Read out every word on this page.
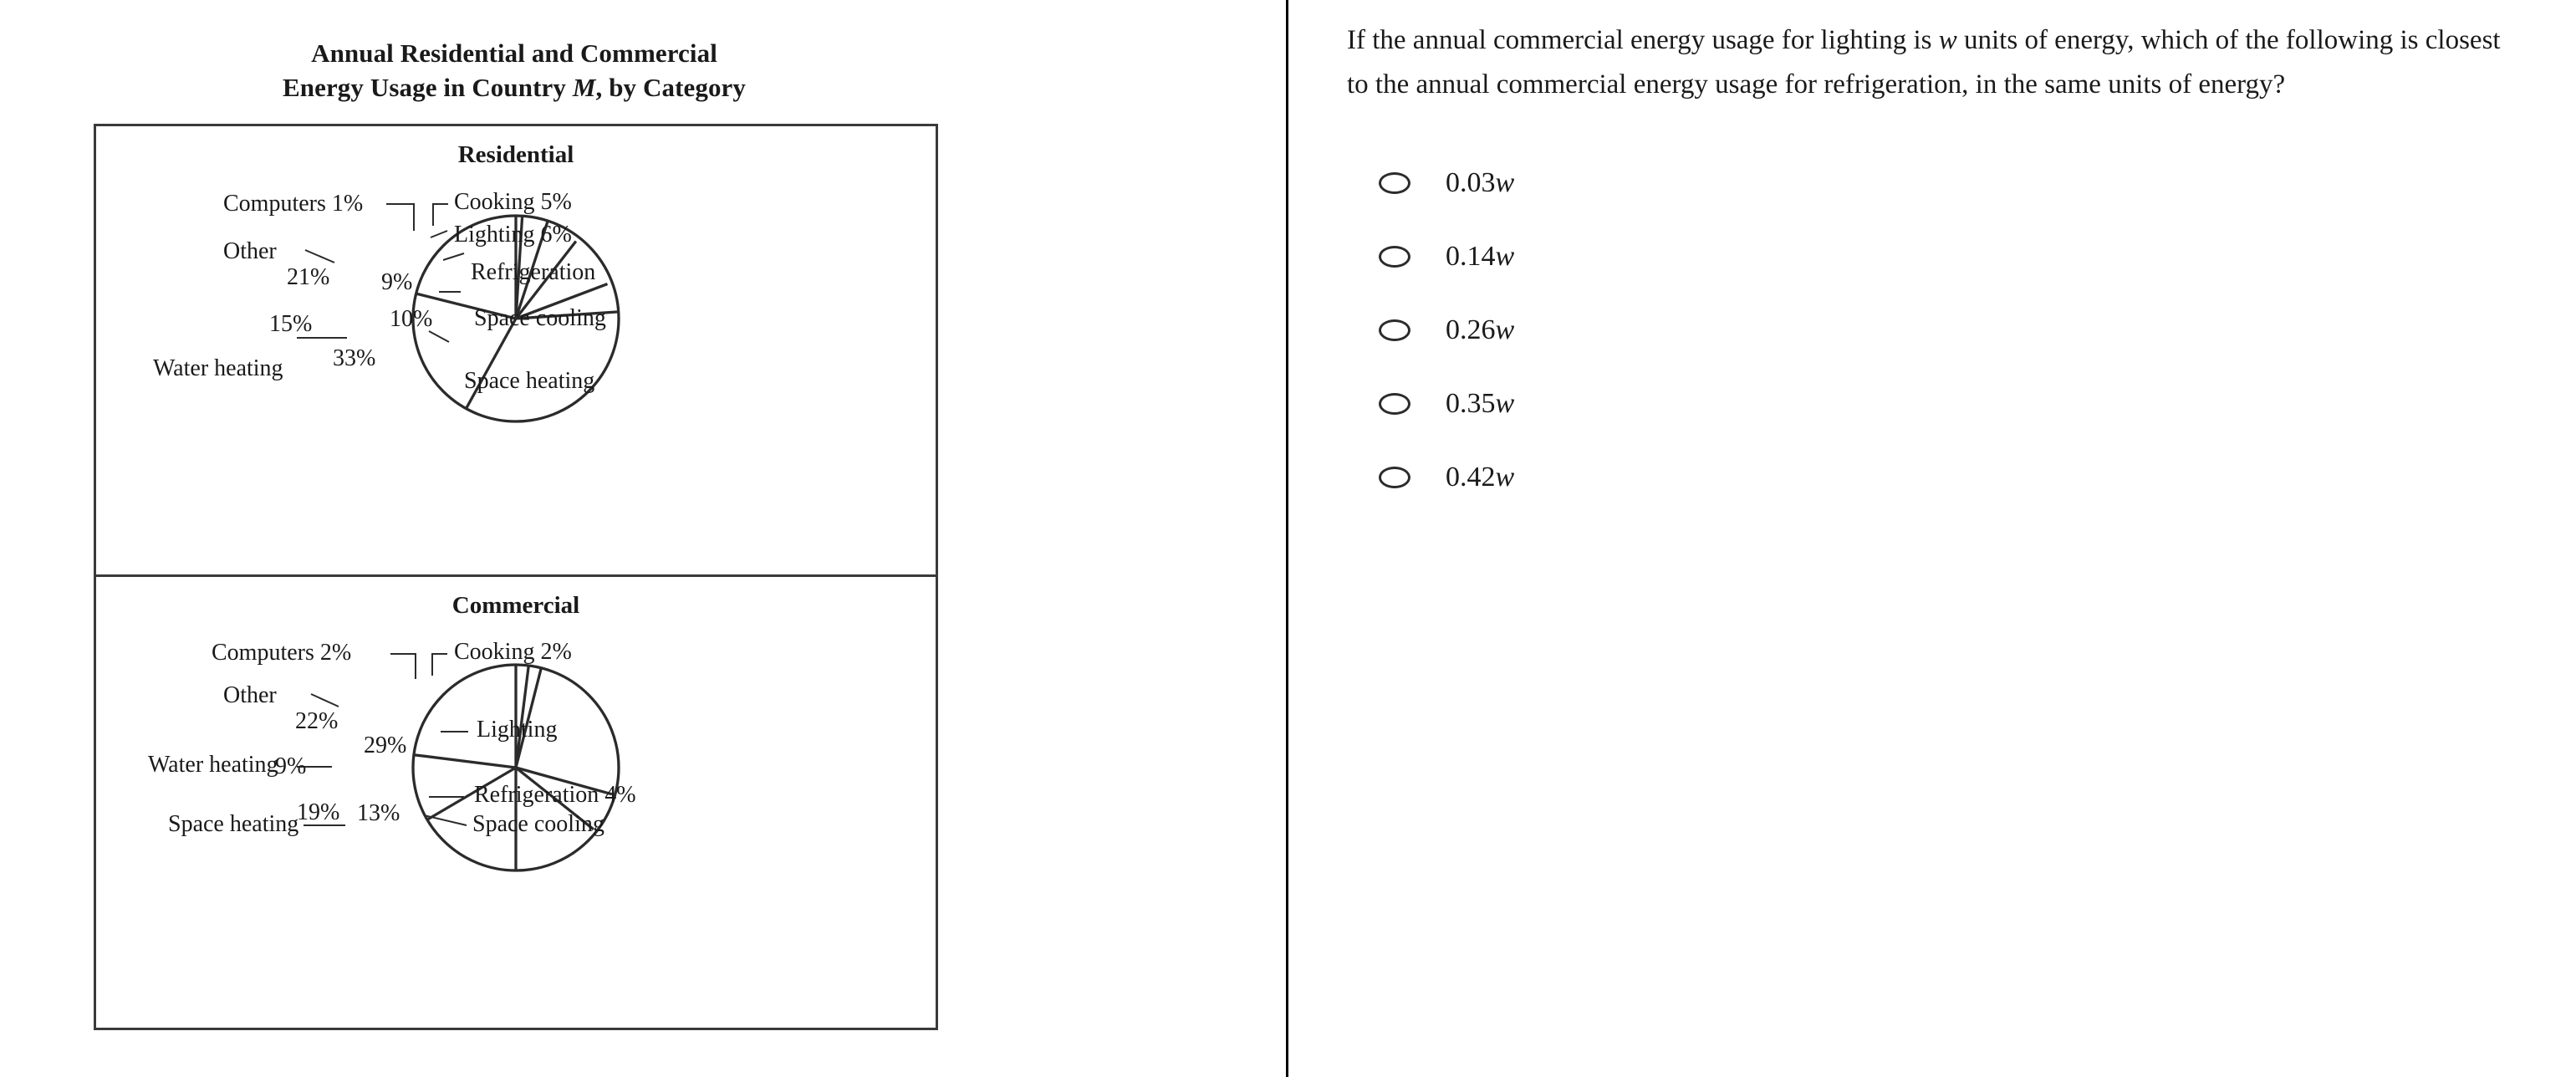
Annual Residential and Commercial
Energy Usage in Country M, by Category
Residential
Computers 1%	Cooking 5%
Lighting 6%
Refrigeration
Space cooling
Space heating
Water heating
Other
21%
15%
33%
9%
10%
Commercial
Computers 2%	Cooking 2%
Lighting
Refrigeration 4%
Space cooling
Other
Water heating
Space heating
22%
9%
19% 13%
29%

If the annual commercial energy usage for lighting is w units of energy, which of the following is closest to the annual commercial energy usage for refrigeration, in the same units of energy?

0.03w
0.14w
0.26w
0.35w
0.42w
